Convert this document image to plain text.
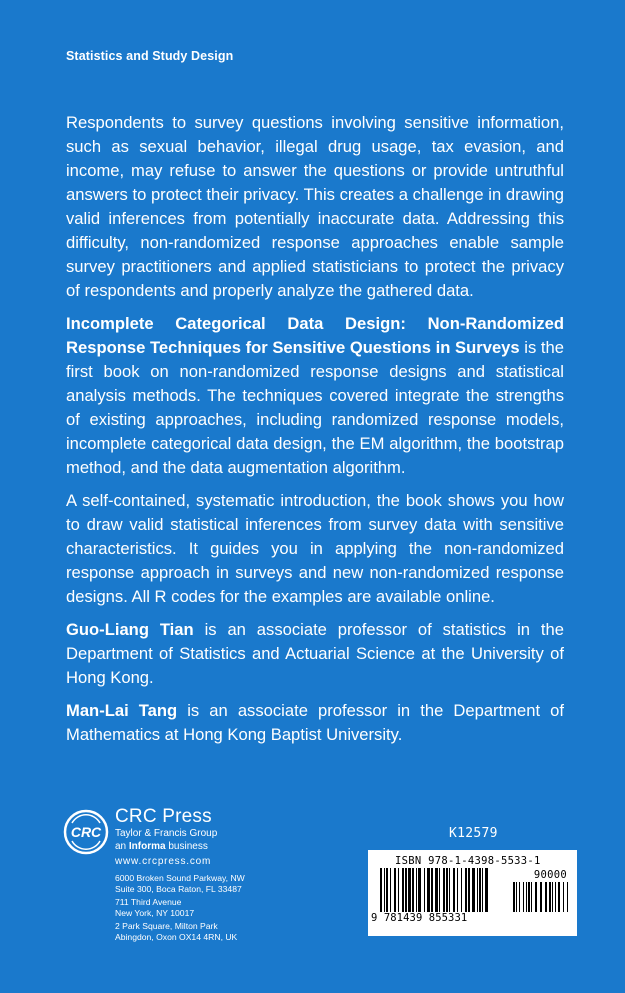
Statistics and Study Design

Respondents to survey questions involving sensitive information, such as sexual behavior, illegal drug usage, tax evasion, and income, may refuse to answer the questions or provide untruthful answers to protect their privacy. This creates a challenge in drawing valid inferences from potentially inaccurate data. Addressing this difficulty, non-randomized response approaches enable sample survey practitioners and applied statisticians to protect the privacy of respondents and properly analyze the gathered data.

Incomplete Categorical Data Design: Non-Randomized Response Techniques for Sensitive Questions in Surveys is the first book on non-randomized response designs and statistical analysis methods. The techniques covered integrate the strengths of existing approaches, including randomized response models, incomplete categorical data design, the EM algorithm, the bootstrap method, and the data augmentation algorithm.

A self-contained, systematic introduction, the book shows you how to draw valid statistical inferences from survey data with sensitive characteristics. It guides you in applying the non-randomized response approach in surveys and new non-randomized response designs. All R codes for the examples are available online.

Guo-Liang Tian is an associate professor of statistics in the Department of Statistics and Actuarial Science at the University of Hong Kong.

Man-Lai Tang is an associate professor in the Department of Mathematics at Hong Kong Baptist University.

CRC
CRC Press
Taylor & Francis Group
an Informa business
www.crcpress.com
6000 Broken Sound Parkway, NW
Suite 300, Boca Raton, FL 33487
711 Third Avenue
New York, NY 10017
2 Park Square, Milton Park
Abingdon, Oxon OX14 4RN, UK
K12579
ISBN 978-1-4398-5533-1
90000
9 781439 855331
